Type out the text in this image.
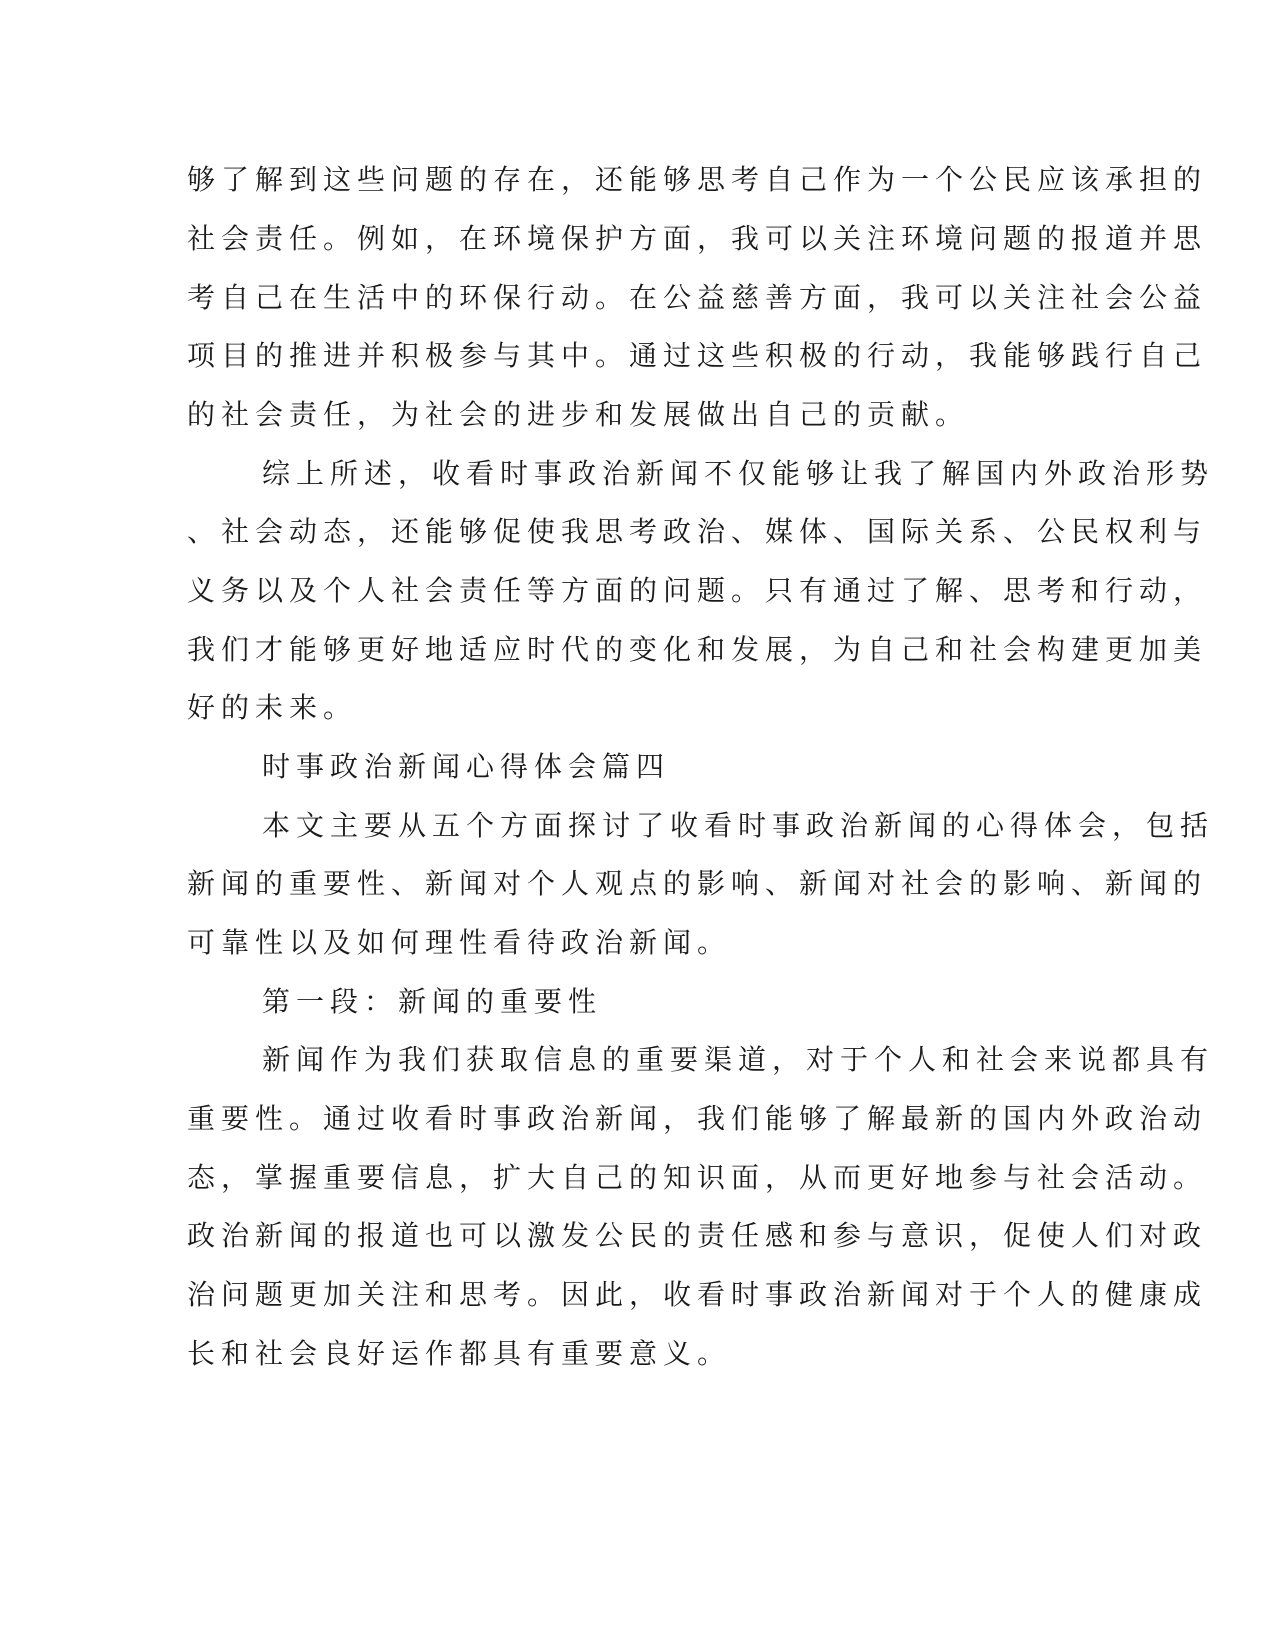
够了解到这些问题的存在，还能够思考自己作为一个公民应该承担的

社会责任。例如，在环境保护方面，我可以关注环境问题的报道并思

考自己在生活中的环保行动。在公益慈善方面，我可以关注社会公益

项目的推进并积极参与其中。通过这些积极的行动，我能够践行自己

的社会责任，为社会的进步和发展做出自己的贡献。

综上所述，收看时事政治新闻不仅能够让我了解国内外政治形势

、社会动态，还能够促使我思考政治、媒体、国际关系、公民权利与

义务以及个人社会责任等方面的问题。只有通过了解、思考和行动，

我们才能够更好地适应时代的变化和发展，为自己和社会构建更加美

好的未来。

时事政治新闻心得体会篇四

本文主要从五个方面探讨了收看时事政治新闻的心得体会，包括

新闻的重要性、新闻对个人观点的影响、新闻对社会的影响、新闻的

可靠性以及如何理性看待政治新闻。

第一段：新闻的重要性

新闻作为我们获取信息的重要渠道，对于个人和社会来说都具有

重要性。通过收看时事政治新闻，我们能够了解最新的国内外政治动

态，掌握重要信息，扩大自己的知识面，从而更好地参与社会活动。

政治新闻的报道也可以激发公民的责任感和参与意识，促使人们对政

治问题更加关注和思考。因此，收看时事政治新闻对于个人的健康成

长和社会良好运作都具有重要意义。
